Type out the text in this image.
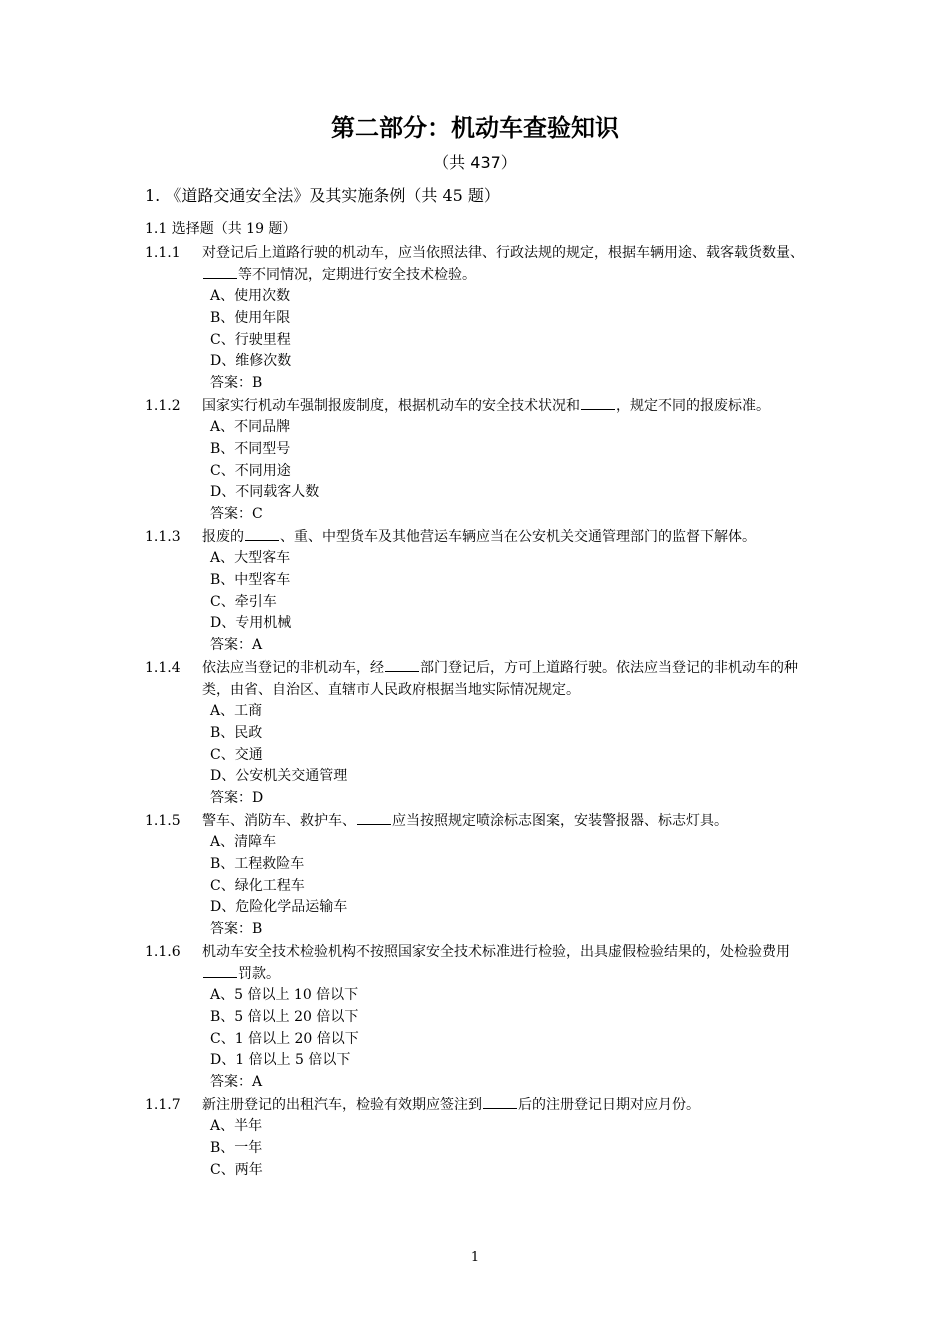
第二部分：机动车查验知识
（共 437）
1. 《道路交通安全法》及其实施条例（共 45 题）
1.1 选择题（共 19 题）
1.1.1	对登记后上道路行驶的机动车，应当依照法律、行政法规的规定，根据车辆用途、载客载货数量、等不同情况，定期进行安全技术检验。
A、使用次数
B、使用年限
C、行驶里程
D、维修次数
答案：B
1.1.2	国家实行机动车强制报废制度，根据机动车的安全技术状况和	，规定不同的报废标准。
A、不同品牌
B、不同型号
C、不同用途
D、不同载客人数
答案：C
1.1.3	报废的	、重、中型货车及其他营运车辆应当在公安机关交通管理部门的监督下解体。
A、大型客车
B、中型客车
C、牵引车
D、专用机械
答案：A
1.1.4	依法应当登记的非机动车，经	部门登记后，方可上道路行驶。依法应当登记的非机动车的种类，由省、自治区、直辖市人民政府根据当地实际情况规定。
A、工商
B、民政
C、交通
D、公安机关交通管理
答案：D
1.1.5	警车、消防车、救护车、	应当按照规定喷涂标志图案，安装警报器、标志灯具。
A、清障车
B、工程救险车
C、绿化工程车
D、危险化学品运输车
答案：B
1.1.6	机动车安全技术检验机构不按照国家安全技术标准进行检验，出具虚假检验结果的，处检验费用罚款。
A、5 倍以上 10 倍以下
B、5 倍以上 20 倍以下
C、1 倍以上 20 倍以下
D、1 倍以上 5 倍以下
答案：A
1.1.7	新注册登记的出租汽车，检验有效期应签注到	后的注册登记日期对应月份。
A、半年
B、一年
C、两年
1
